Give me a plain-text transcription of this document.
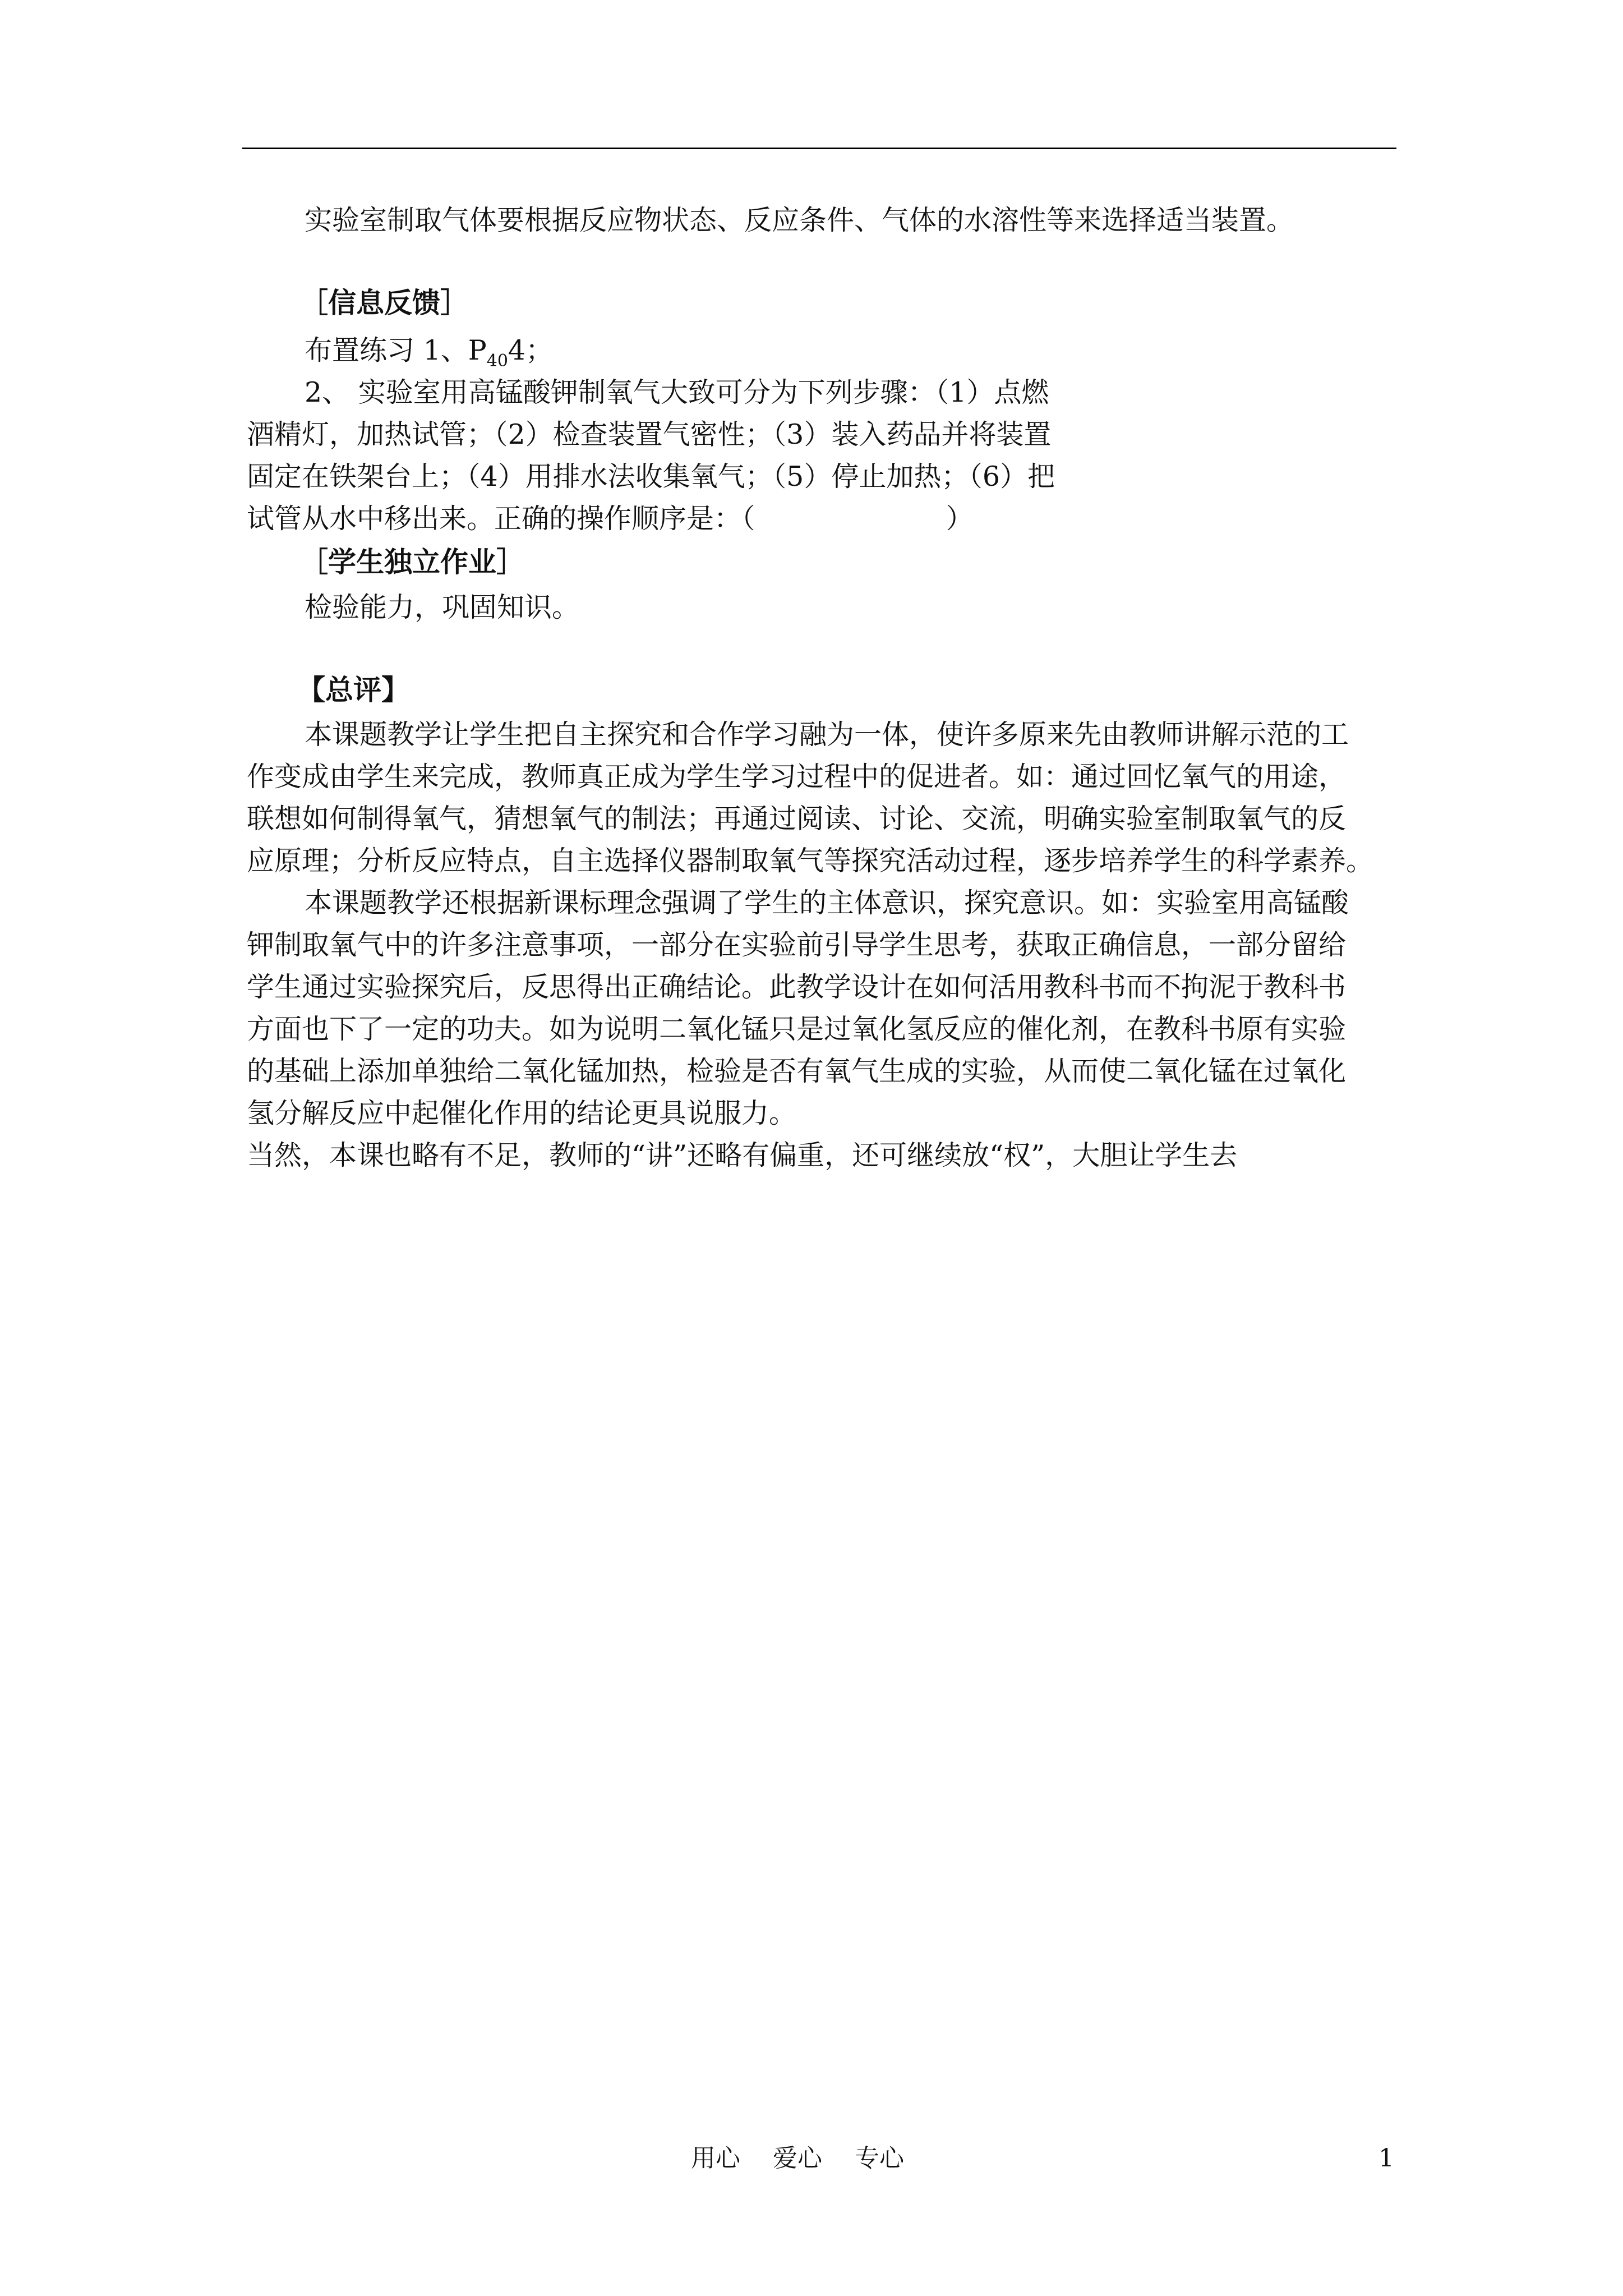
实验室制取气体要根据反应物状态、反应条件、气体的水溶性等来选择适当装置。
［信息反馈］
布置练习 1、$P_{40}4$；
2、 实验室用高锰酸钾制氧气大致可分为下列步骤：（1）点燃
酒精灯，加热试管；（2）检查装置气密性；（3）装入药品并将装置
固定在铁架台上；（4）用排水法收集氧气；（5）停止加热；（6）把
试管从水中移出来。正确的操作顺序是：（	）
［学生独立作业］
检验能力，巩固知识。
【总评】
本课题教学让学生把自主探究和合作学习融为一体，使许多原来先由教师讲解示范的工
作变成由学生来完成，教师真正成为学生学习过程中的促进者。如：通过回忆氧气的用途，
联想如何制得氧气，猜想氧气的制法；再通过阅读、讨论、交流，明确实验室制取氧气的反
应原理；分析反应特点，自主选择仪器制取氧气等探究活动过程，逐步培养学生的科学素养。
本课题教学还根据新课标理念强调了学生的主体意识，探究意识。如：实验室用高锰酸
钾制取氧气中的许多注意事项，一部分在实验前引导学生思考，获取正确信息，一部分留给
学生通过实验探究后，反思得出正确结论。此教学设计在如何活用教科书而不拘泥于教科书
方面也下了一定的功夫。如为说明二氧化锰只是过氧化氢反应的催化剂，在教科书原有实验
的基础上添加单独给二氧化锰加热，检验是否有氧气生成的实验，从而使二氧化锰在过氧化
氢分解反应中起催化作用的结论更具说服力。
当然，本课也略有不足，教师的“讲”还略有偏重，还可继续放“权”，大胆让学生去
用心 爱心 专心	1
